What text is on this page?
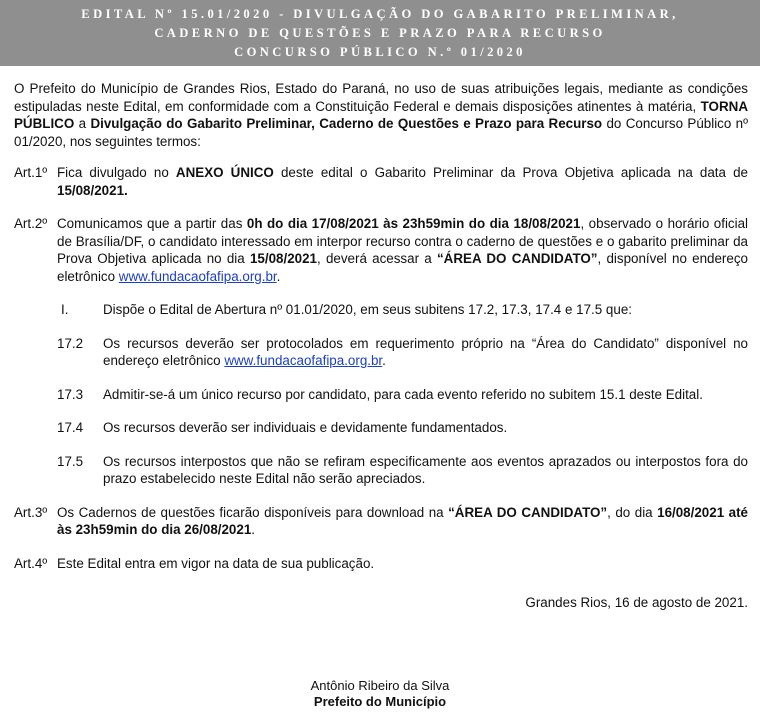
EDITAL Nº 15.01/2020 - DIVULGAÇÃO DO GABARITO PRELIMINAR,
CADERNO DE QUESTÕES E PRAZO PARA RECURSO
CONCURSO PÚBLICO N.º 01/2020

O Prefeito do Município de Grandes Rios, Estado do Paraná, no uso de suas atribuições legais, mediante as condições estipuladas neste Edital, em conformidade com a Constituição Federal e demais disposições atinentes à matéria, TORNA PÚBLICO a Divulgação do Gabarito Preliminar, Caderno de Questões e Prazo para Recurso do Concurso Público nº 01/2020, nos seguintes termos:

Art.1º Fica divulgado no ANEXO ÚNICO deste edital o Gabarito Preliminar da Prova Objetiva aplicada na data de 15/08/2021.
Art.2º Comunicamos que a partir das 0h do dia 17/08/2021 às 23h59min do dia 18/08/2021, observado o horário oficial de Brasília/DF, o candidato interessado em interpor recurso contra o caderno de questões e o gabarito preliminar da Prova Objetiva aplicada no dia 15/08/2021, deverá acessar a “ÁREA DO CANDIDATO”, disponível no endereço eletrônico www.fundacaofafipa.org.br.
I.	Dispõe o Edital de Abertura nº 01.01/2020, em seus subitens 17.2, 17.3, 17.4 e 17.5 que:
17.2	Os recursos deverão ser protocolados em requerimento próprio na “Área do Candidato” disponível no endereço eletrônico www.fundacaofafipa.org.br.
17.3	Admitir-se-á um único recurso por candidato, para cada evento referido no subitem 15.1 deste Edital.
17.4	Os recursos deverão ser individuais e devidamente fundamentados.
17.5	Os recursos interpostos que não se refiram especificamente aos eventos aprazados ou interpostos fora do prazo estabelecido neste Edital não serão apreciados.
Art.3º Os Cadernos de questões ficarão disponíveis para download na “ÁREA DO CANDIDATO”, do dia 16/08/2021 até às 23h59min do dia 26/08/2021.
Art.4º Este Edital entra em vigor na data de sua publicação.
Grandes Rios, 16 de agosto de 2021.
Antônio Ribeiro da Silva
Prefeito do Município
